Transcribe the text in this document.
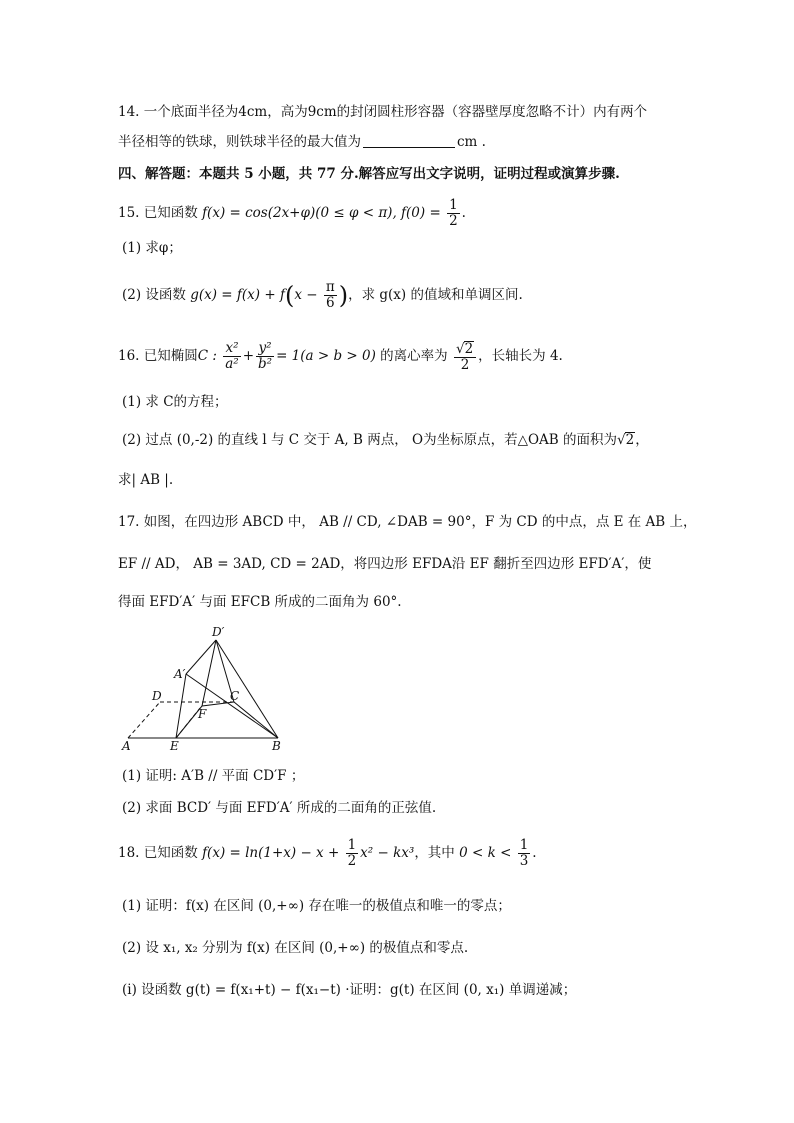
14. 一个底面半径为4cm，高为9cm的封闭圆柱形容器（容器壁厚度忽略不计）内有两个
半径相等的铁球，则铁球半径的最大值为	cm .
四、解答题：本题共 5 小题，共 77 分.解答应写出文字说明，证明过程或演算步骤.
15. 已知函数 f(x) = cos(2x+φ)(0 ≤ φ < π), $f(0) = \frac{1}{2}$ .
(1) 求φ；
(2) 设函数 $g(x) = f(x) + f(x - \frac{\pi}{6}$ )，求 g(x) 的值域和单调区间.
16. 已知椭圆C : $\frac{\text{x²}}{\text{a²}} + \frac{\text{y²}}{\text{b²}} = 1(a > b > 0)$ 的离心率为 $\frac{√2}{2}$ ，长轴长为 4.
(1) 求 C的方程；
(2) 过点 (0,-2) 的直线 l 与 C 交于 A, B 两点， O为坐标原点，若△OAB 的面积为√2，
求| AB |.
17. 如图，在四边形 ABCD 中， AB // CD, ∠DAB = 90°，F 为 CD 的中点，点 E 在 AB 上，
EF // AD， AB = 3AD, CD = 2AD，将四边形 EFDA沿 EF 翻折至四边形 EFD′A′，使
得面 EFD′A′ 与面 EFCB 所成的二面角为 60°.
D′
A′
D	C
F
A	E	B
(1) 证明: A′B // 平面 CD′F ；
(2) 求面 BCD′ 与面 EFD′A′ 所成的二面角的正弦值.
18. 已知函数 $f(x) = \ln(1+x) - x + \frac{1}{2} x^2 - kx^3$，其中 $0 < k < \frac{1}{3}$ .
(1) 证明：f(x) 在区间 (0,+∞) 存在唯一的极值点和唯一的零点；
(2) 设 x₁, x₂ 分别为 f(x) 在区间 (0,+∞) 的极值点和零点.
(i) 设函数 g(t) = f(x₁+t) − f(x₁−t) ·证明：g(t) 在区间 (0, x₁) 单调递减；
